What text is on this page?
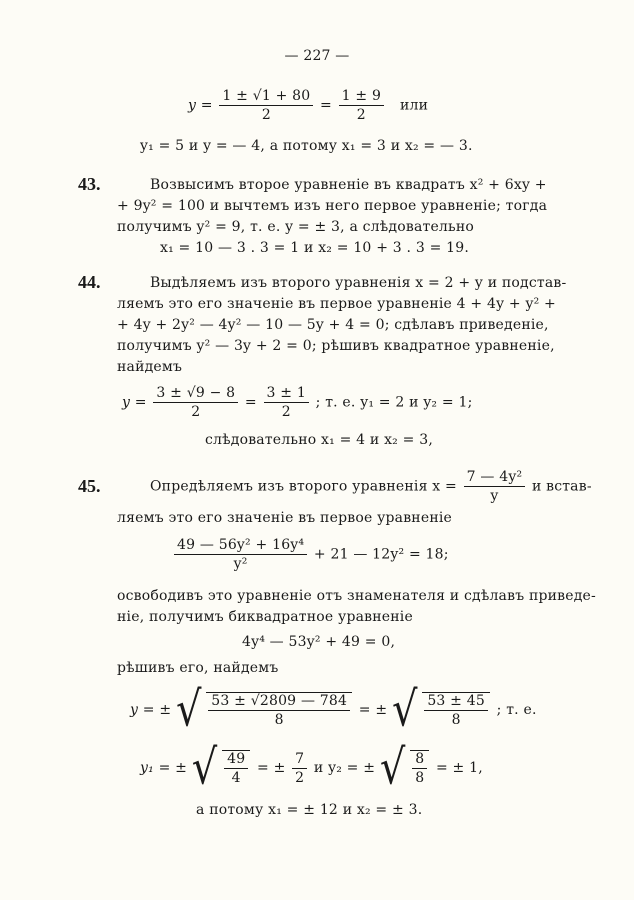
— 227 —
$y = \frac{1 \pm √1 + 80}{2} = \frac{1 \pm 9}{2}$ или
y₁ = 5 и y = — 4, а потому x₁ = 3 и x₂ = — 3.
43.	Возвысимъ второе уравненіе въ квадратъ x² + 6xy +
+ 9y² = 100 и вычтемъ изъ него первое уравненіе; тогда
получимъ y² = 9, т. е. y = ± 3, а слѣдовательно
x₁ = 10 — 3 . 3 = 1 и x₂ = 10 + 3 . 3 = 19.
44.	Выдѣляемъ изъ второго уравненія x = 2 + y и подстав-
ляемъ это его значеніе въ первое уравненіе 4 + 4y + y² +
+ 4y + 2y² — 4y² — 10 — 5y + 4 = 0; сдѣлавъ приведеніе,
получимъ y² — 3y + 2 = 0; рѣшивъ квадратное уравненіе,
найдемъ
$y = \frac{3 \pm √9 - 8}{2} = \frac{3 \pm 1}{2}$ ; т. е. y₁ = 2 и y₂ = 1;
слѣдовательно x₁ = 4 и x₂ = 3,
45.	Опредѣляемъ изъ второго уравненія $x = \frac{\text{7 — 4y²}}{y}$ и встав-
ляемъ это его значеніе въ первое уравненіе
$\frac{\text{49 — 56y² + 16y⁴}}{\text{y²}} + 21$ — 12y² = 18;
освободивъ это уравненіе отъ знаменателя и сдѣлавъ приведе-
ніе, получимъ биквадратное уравненіе
4y⁴ — 53y² + 49 = 0,
рѣшивъ его, найдемъ
y = ± √ $\frac{53 \pm √2809 — 784}{8}$ = ± √ $\frac{53 \pm 45}{8}$ ; т. е.
y₁ = ± √ $\frac{49}{4}$ = ± $\frac{7}{2}$ и y₂ = ± √ $\frac{8}{8}$ = ± 1,
а потому x₁ = ± 12 и x₂ = ± 3.
